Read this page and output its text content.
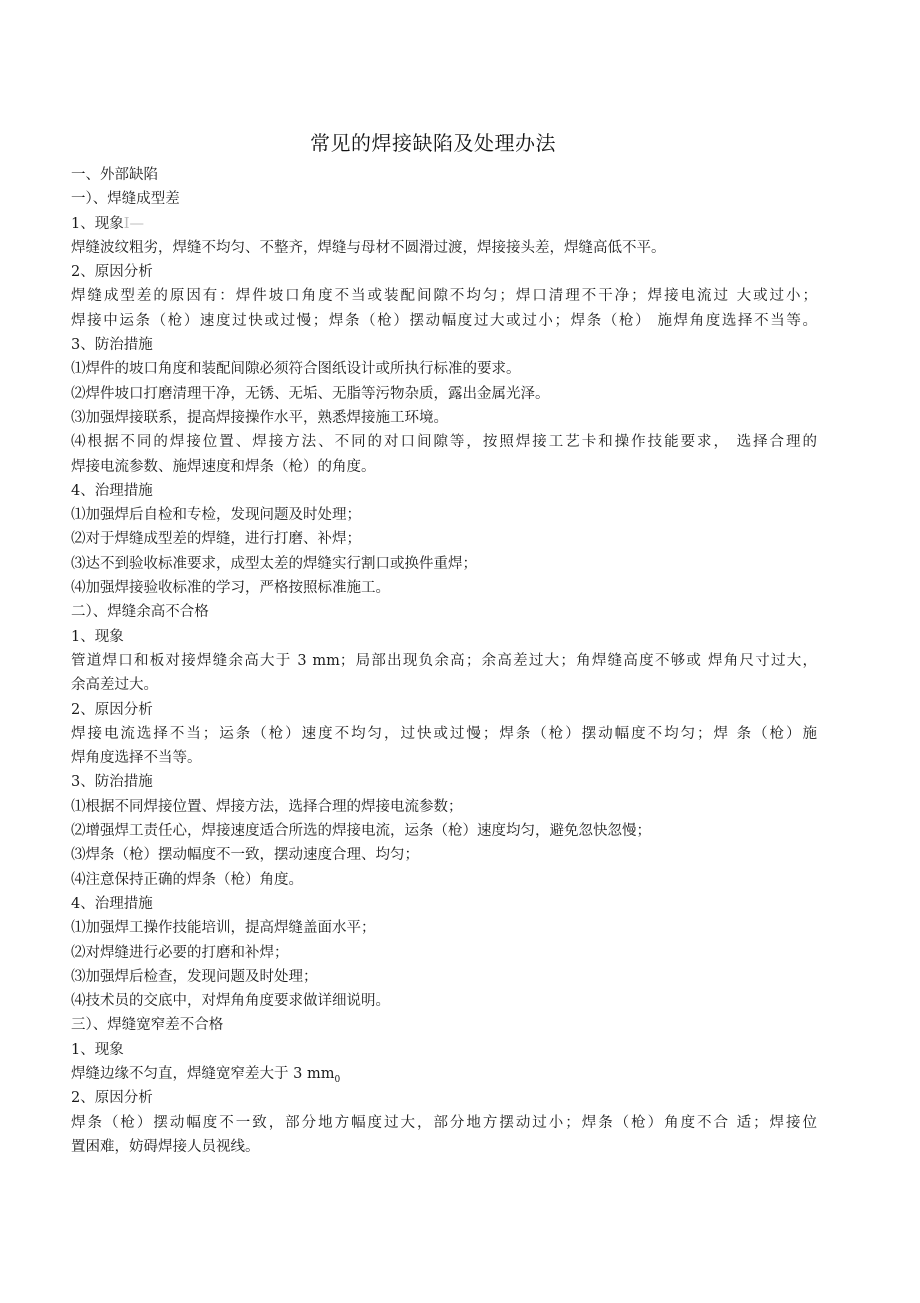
常见的焊接缺陷及处理办法
一、外部缺陷
一）、焊缝成型差
1、现象I—
焊缝波纹粗劣，焊缝不均匀、不整齐，焊缝与母材不圆滑过渡，焊接接头差，焊缝高低不平。
2、原因分析
焊缝成型差的原因有：焊件坡口角度不当或装配间隙不均匀；焊口清理不干净；焊接电流过 大或过小；
焊接中运条（枪）速度过快或过慢；焊条（枪）摆动幅度过大或过小；焊条（枪） 施焊角度选择不当等。
3、防治措施
⑴焊件的坡口角度和装配间隙必须符合图纸设计或所执行标准的要求。
⑵焊件坡口打磨清理干净，无锈、无垢、无脂等污物杂质，露出金属光泽。
⑶加强焊接联系，提高焊接操作水平，熟悉焊接施工环境。
⑷根据不同的焊接位置、焊接方法、不同的对口间隙等，按照焊接工艺卡和操作技能要求， 选择合理的
焊接电流参数、施焊速度和焊条（枪）的角度。
4、治理措施
⑴加强焊后自检和专检，发现问题及时处理；
⑵对于焊缝成型差的焊缝，进行打磨、补焊；
⑶达不到验收标准要求，成型太差的焊缝实行割口或换件重焊；
⑷加强焊接验收标准的学习，严格按照标准施工。
二）、焊缝余高不合格
1、现象
管道焊口和板对接焊缝余高大于 3 mm；局部出现负余高；余高差过大；角焊缝高度不够或 焊角尺寸过大，
余高差过大。
2、原因分析
焊接电流选择不当；运条（枪）速度不均匀，过快或过慢；焊条（枪）摆动幅度不均匀；焊 条（枪）施
焊角度选择不当等。
3、防治措施
⑴根据不同焊接位置、焊接方法，选择合理的焊接电流参数；
⑵增强焊工责任心，焊接速度适合所选的焊接电流，运条（枪）速度均匀，避免忽快忽慢；
⑶焊条（枪）摆动幅度不一致，摆动速度合理、均匀；
⑷注意保持正确的焊条（枪）角度。
4、治理措施
⑴加强焊工操作技能培训，提高焊缝盖面水平；
⑵对焊缝进行必要的打磨和补焊；
⑶加强焊后检查，发现问题及时处理；
⑷技术员的交底中，对焊角角度要求做详细说明。
三）、焊缝宽窄差不合格
1、现象
焊缝边缘不匀直，焊缝宽窄差大于 3 $mm_0$
2、原因分析
焊条（枪）摆动幅度不一致，部分地方幅度过大，部分地方摆动过小；焊条（枪）角度不合 适；焊接位
置困难，妨碍焊接人员视线。
